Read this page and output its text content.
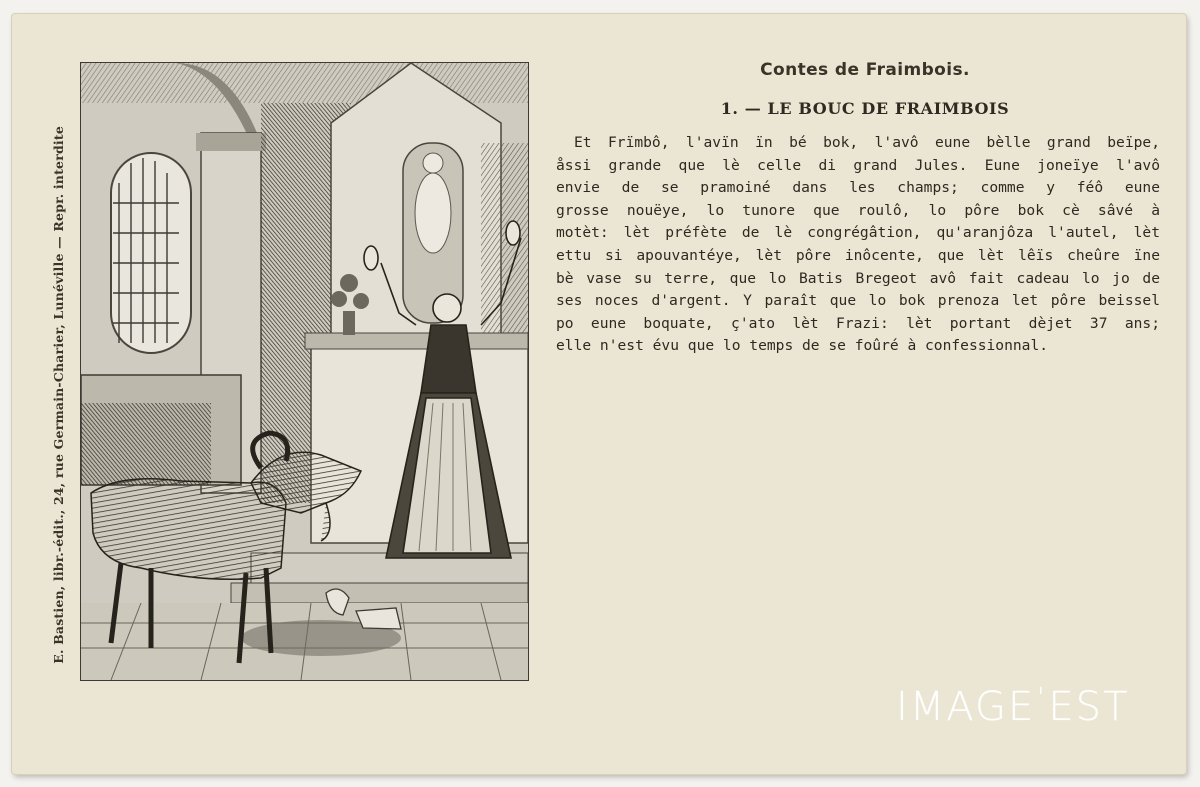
E. Bastien, libr.-édit., 24, rue Germain-Charier, Lunéville — Repr. interdite
Contes de Fraimbois.
1. — LE BOUC DE FRAIMBOIS
Et Frïmbô, l'avïn ïn bé bok, l'avô eune bèlle grand beïpe,
åssi grande que lè celle di grand Jules. Eune joneïye l'avô
envie de se pramoiné dans les champs; comme y féô eune
grosse nouëye, lo tunore que roulô, lo pôre bok cè sâvé à
motèt: lèt préfète de lè congrégâtion, qu'aranjôza l'autel, lèt
ettu si apouvantéye, lèt pôre inôcente, que lèt lêïs cheûre ïne
bè vase su terre, que lo Batis Bregeot avô fait cadeau lo jo de
ses noces d'argent. Y paraît que lo bok prenoza let pôre beissel
po eune boquate, ç'ato lèt Frazi: lèt portant dèjet 37 ans;
elle n'est évu que lo temps de se foûré à confessionnal.
IMAGE'EST
